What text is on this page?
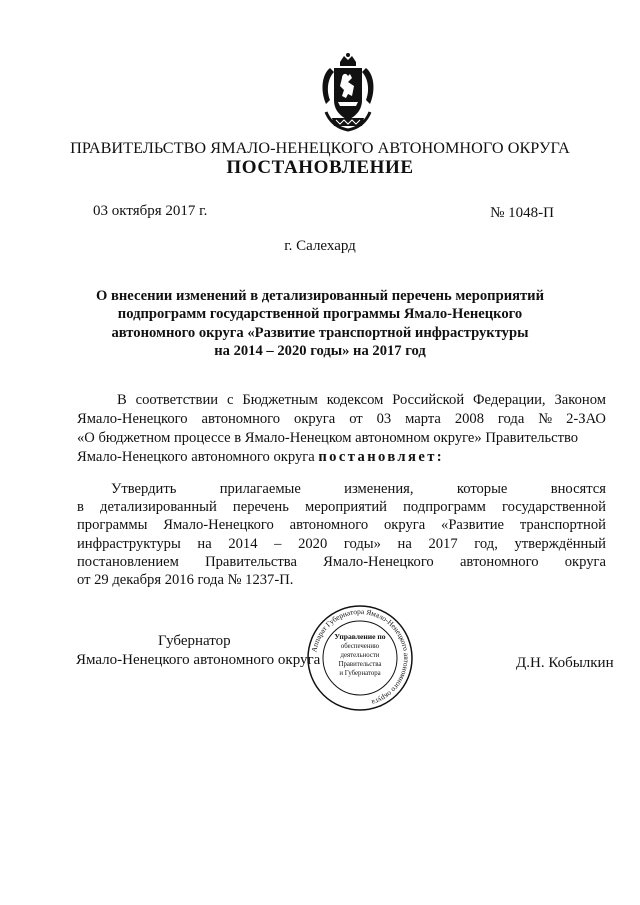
ПРАВИТЕЛЬСТВО ЯМАЛО-НЕНЕЦКОГО АВТОНОМНОГО ОКРУГА
ПОСТАНОВЛЕНИЕ
03 октября 2017 г.	№ 1048-П
г. Салехард
О внесении изменений в детализированный перечень мероприятий
подпрограмм государственной программы Ямало-Ненецкого
автономного округа «Развитие транспортной инфраструктуры
на 2014 – 2020 годы» на 2017 год
В соответствии с Бюджетным кодексом Российской Федерации, Законом
Ямало-Ненецкого автономного округа от 03 марта 2008 года № 2-ЗАО
«О бюджетном процессе в Ямало-Ненецком автономном округе» Правительство
Ямало-Ненецкого автономного округа
постановляет:
Утвердить	прилагаемые	изменения,	которые	вносятся
в детализированный перечень мероприятий подпрограмм государственной
программы Ямало-Ненецкого автономного округа «Развитие транспортной
инфраструктуры на 2014 – 2020 годы» на 2017 год, утверждённый
постановлением Правительства Ямало-Ненецкого автономного округа
от 29 декабря 2016 года № 1237-П.
Губернатор
Ямало-Ненецкого автономного округа	Д.Н. Кобылкин
Аппарат Губернатора Ямало-Ненецкого автономного округа
Управление по
обеспечению
деятельности
Правительства
и Губернатора
